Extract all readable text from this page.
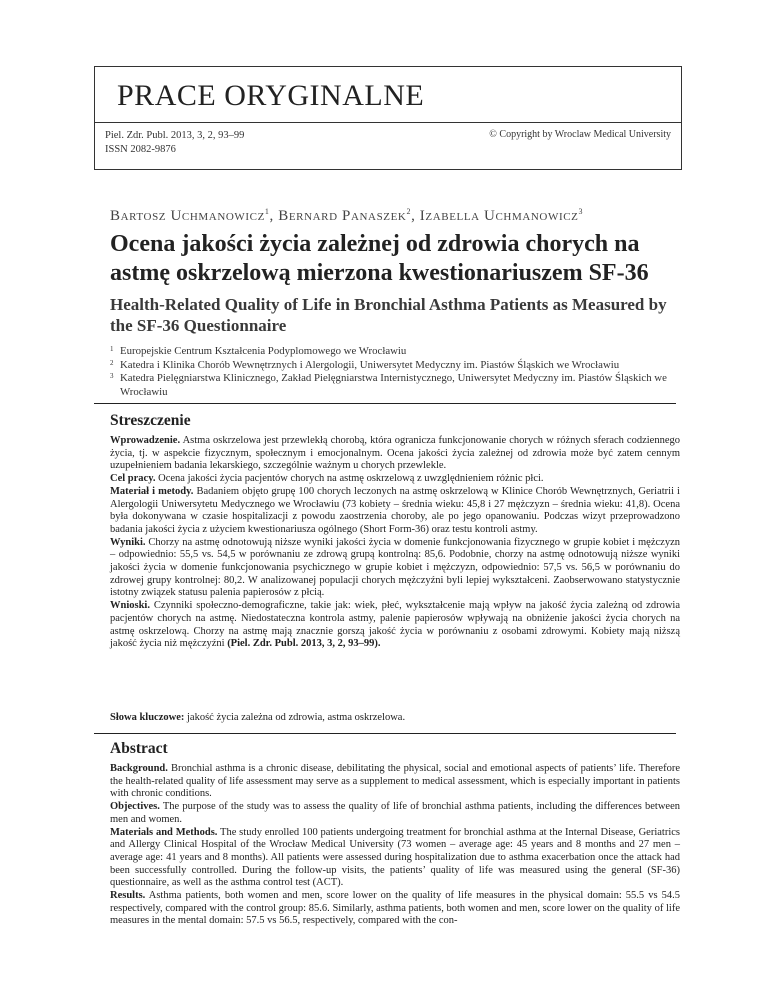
PRACE ORYGINALNE
Piel. Zdr. Publ. 2013, 3, 2, 93–99
ISSN 2082-9876
© Copyright by Wroclaw Medical University
Bartosz Uchmanowicz$^1$, Bernard Panaszek$^2$, Izabella Uchmanowicz$^3$
Ocena jakości życia zależnej od zdrowia chorych na astmę oskrzelową mierzona kwestionariuszem SF-36
Health-Related Quality of Life in Bronchial Asthma Patients as Measured by the SF-36 Questionnaire
1 Europejskie Centrum Kształcenia Podyplomowego we Wrocławiu
2 Katedra i Klinika Chorób Wewnętrznych i Alergologii, Uniwersytet Medyczny im. Piastów Śląskich we Wrocławiu
3 Katedra Pielęgniarstwa Klinicznego, Zakład Pielęgniarstwa Internistycznego, Uniwersytet Medyczny im. Piastów Śląskich we Wrocławiu
Streszczenie

Wprowadzenie. Astma oskrzelowa jest przewlekłą chorobą, która ogranicza funkcjonowanie chorych w różnych sferach codziennego życia, tj. w aspekcie fizycznym, społecznym i emocjonalnym. Ocena jakości życia zależnej od zdrowia może być zatem cennym uzupełnieniem badania lekarskiego, szczególnie ważnym u chorych przewlekle.

Cel pracy. Ocena jakości życia pacjentów chorych na astmę oskrzelową z uwzględnieniem różnic płci.

Materiał i metody. Badaniem objęto grupę 100 chorych leczonych na astmę oskrzelową w Klinice Chorób Wewnętrznych, Geriatrii i Alergologii Uniwersytetu Medycznego we Wrocławiu (73 kobiety – średnia wieku: 45,8 i 27 mężczyzn – średnia wieku: 41,8). Ocena była dokonywana w czasie hospitalizacji z powodu zaostrzenia choroby, ale po jego opanowaniu. Podczas wizyt przeprowadzono badania jakości życia z użyciem kwestionariusza ogólnego (Short Form-36) oraz testu kontroli astmy.

Wyniki. Chorzy na astmę odnotowują niższe wyniki jakości życia w domenie funkcjonowania fizycznego w grupie kobiet i mężczyzn – odpowiednio: 55,5 vs. 54,5 w porównaniu ze zdrową grupą kontrolną: 85,6. Podobnie, chorzy na astmę odnotowują niższe wyniki jakości życia w domenie funkcjonowania psychicznego w grupie kobiet i mężczyzn, odpowiednio: 57,5 vs. 56,5 w porównaniu do zdrowej grupy kontrolnej: 80,2. W analizowanej populacji chorych mężczyźni byli lepiej wykształceni. Zaobserwowano statystycznie istotny związek statusu palenia papierosów z płcią.

Wnioski. Czynniki społeczno-demograficzne, takie jak: wiek, płeć, wykształcenie mają wpływ na jakość życia zależną od zdrowia pacjentów chorych na astmę. Niedostateczna kontrola astmy, palenie papierosów wpływają na obniżenie jakości życia chorych na astmę oskrzelową. Chorzy na astmę mają znacznie gorszą jakość życia w porównaniu z osobami zdrowymi. Kobiety mają niższą jakość życia niż mężczyźni (Piel. Zdr. Publ. 2013, 3, 2, 93–99).

Słowa kluczowe: jakość życia zależna od zdrowia, astma oskrzelowa.
Abstract

Background. Bronchial asthma is a chronic disease, debilitating the physical, social and emotional aspects of patients’ life. Therefore the health-related quality of life assessment may serve as a supplement to medical assessment, which is especially important in patients with chronic conditions.

Objectives. The purpose of the study was to assess the quality of life of bronchial asthma patients, including the differences between men and women.

Materials and Methods. The study enrolled 100 patients undergoing treatment for bronchial asthma at the Internal Disease, Geriatrics and Allergy Clinical Hospital of the Wrocław Medical University (73 women – average age: 45 years and 8 months and 27 men – average age: 41 years and 8 months). All patients were assessed during hospitalization due to asthma exacerbation once the attack had been successfully controlled. During the follow-up visits, the patients’ quality of life was measured using the general (SF-36) questionnaire, as well as the asthma control test (ACT).

Results. Asthma patients, both women and men, score lower on the quality of life measures in the physical domain: 55.5 vs 54.5 respectively, compared with the control group: 85.6. Similarly, asthma patients, both women and men, score lower on the quality of life measures in the mental domain: 57.5 vs 56.5, respectively, compared with the con-
